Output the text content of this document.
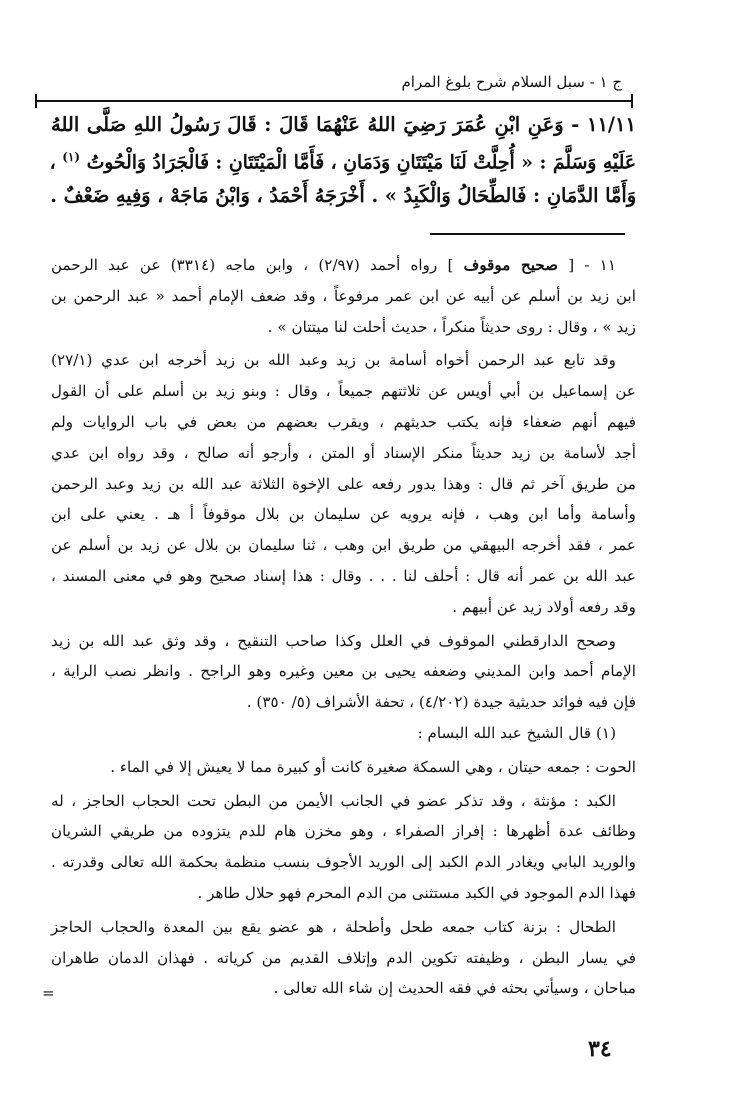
ج ١ - سبل السلام شرح بلوغ المرام
١١/١١ - وَعَنِ ابْنِ عُمَرَ رَضِيَ اللهُ عَنْهُمَا قَالَ : قَالَ رَسُولُ اللهِ صَلَّى اللهُ
عَلَيْهِ وَسَلَّمَ : « أُحِلَّتْ لَنَا مَيْتَتَانِ وَدَمَانِ ، فَأَمَّا الْمَيْتَتَانِ : فَالْجَرَادُ وَالْحُوتُ $^{(١)}$ ،
وَأَمَّا الدَّمَانِ : فَالطِّحَالُ وَالْكَبِدُ » . أَخْرَجَهُ أَحْمَدُ ، وَابْنُ مَاجَهْ ، وَفِيهِ ضَعْفٌ .
١١ - [ صحيح موقوف ] رواه أحمد (٢/٩٧) ، وابن ماجه (٣٣١٤) عن عبد الرحمن
ابن زيد بن أسلم عن أبيه عن ابن عمر مرفوعاً ، وقد ضعف الإمام أحمد « عبد الرحمن بن
زيد » ، وقال : روى حديثاً منكراً ، حديث أحلت لنا ميتتان » .
وقد تابع عبد الرحمن أخواه أسامة بن زيد وعبد الله بن زيد أخرجه ابن عدي (٢٧/١)
عن إسماعيل بن أبي أويس عن ثلاثتهم جميعاً ، وقال : وبنو زيد بن أسلم على أن القول
فيهم أنهم ضعفاء فإنه يكتب حديثهم ، ويقرب بعضهم من بعض في باب الروايات ولم
أجد لأسامة بن زيد حديثاً منكر الإسناد أو المتن ، وأرجو أنه صالح ، وقد رواه ابن عدي
من طريق آخر ثم قال : وهذا يدور رفعه على الإخوة الثلاثة عبد الله بن زيد وعبد الرحمن
وأسامة وأما ابن وهب ، فإنه يرويه عن سليمان بن بلال موقوفاً أ هـ . يعني على ابن
عمر ، فقد أخرجه البيهقي من طريق ابن وهب ، ثنا سليمان بن بلال عن زيد بن أسلم عن
عبد الله بن عمر أنه قال : أحلف لنا . . . وقال : هذا إسناد صحيح وهو في معنى المسند ،
وقد رفعه أولاد زيد عن أبيهم .
وصحح الدارقطني الموقوف في العلل وكذا صاحب التنقيح ، وقد وثق عبد الله بن زيد
الإمام أحمد وابن المديني وضعفه يحيى بن معين وغيره وهو الراجح . وانظر نصب الراية ،
فإن فيه فوائد حديثية جيدة (٤/٢٠٢) ، تحفة الأشراف (٥/ ٣٥٠) .
(١) قال الشيخ عبد الله البسام :
الحوت : جمعه حيتان ، وهي السمكة صغيرة كانت أو كبيرة مما لا يعيش إلا في الماء .
الكبد : مؤنثة ، وقد تذكر عضو في الجانب الأيمن من البطن تحت الحجاب الحاجز ، له
وظائف عدة أظهرها : إفراز الصفراء ، وهو مخزن هام للدم يتزوده من طريقي الشريان
والوريد البابي ويغادر الدم الكبد إلى الوريد الأجوف بنسب منظمة بحكمة الله تعالى وقدرته .
فهذا الدم الموجود في الكبد مستثنى من الدم المحرم فهو حلال طاهر .
الطحال : بزنة كتاب جمعه طحل وأطحلة ، هو عضو يقع بين المعدة والحجاب الحاجز
في يسار البطن ، وظيفته تكوين الدم وإتلاف القديم من كرياته . فهذان الدمان طاهران
مباحان ، وسيأتي بحثه في فقه الحديث إن شاء الله تعالى .
=
٣٤
